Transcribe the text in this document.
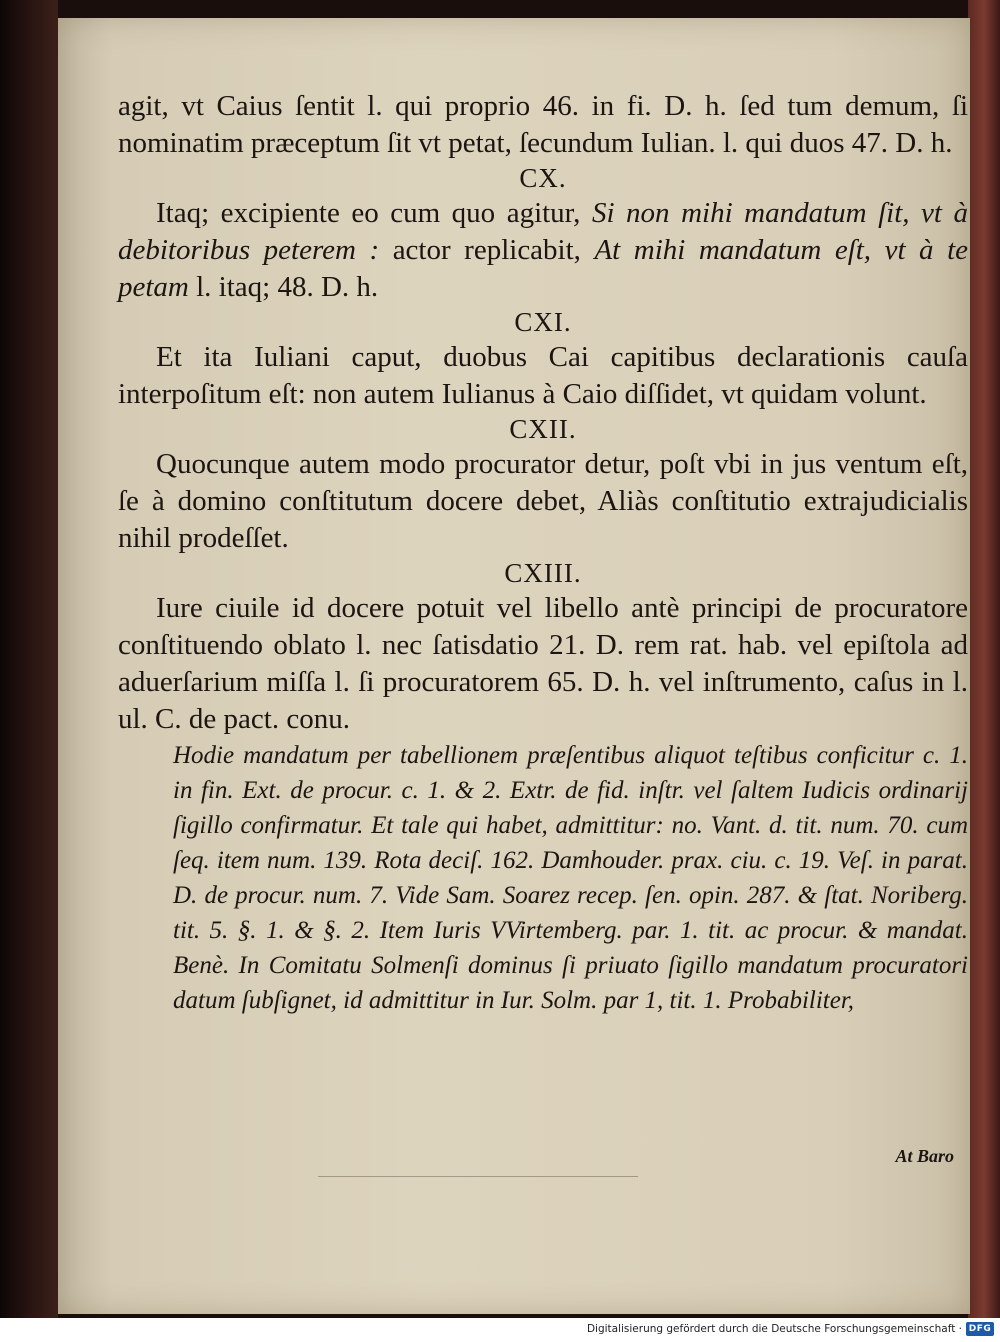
agit, vt Caius ſentit l. qui proprio 46. in fi. D. h. ſed tum demum, ſi nominatim præceptum ſit vt petat, ſecundum Iulian. l. qui duos 47. D. h.

CX.

Itaq; excipiente eo cum quo agitur, Si non mihi mandatum ſit, vt à debitoribus peterem : actor replicabit, At mihi mandatum eſt, vt à te petam l. itaq; 48. D. h.

CXI.

Et ita Iuliani caput, duobus Cai capitibus declarationis cauſa interpoſitum eſt: non autem Iulianus à Caio diſſidet, vt quidam volunt.

CXII.

Quocunque autem modo procurator detur, poſt vbi in jus ventum eſt, ſe à domino conſtitutum docere debet, Aliàs conſtitutio extrajudicialis nihil prodeſſet.

CXIII.

Iure ciuile id docere potuit vel libello antè principi de procuratore conſtituendo oblato l. nec ſatisdatio 21. D. rem rat. hab. vel epiſtola ad aduerſarium miſſa l. ſi procuratorem 65. D. h. vel inſtrumento, caſus in l. ul. C. de pact. conu.

Hodie mandatum per tabellionem præſentibus aliquot teſtibus conficitur c. 1. in fin. Ext. de procur. c. 1. & 2. Extr. de fid. inſtr. vel ſaltem Iudicis ordinarij ſigillo confirmatur. Et tale qui habet, admittitur: no. Vant. d. tit. num. 70. cum ſeq. item num. 139. Rota deciſ. 162. Damhouder. prax. ciu. c. 19. Veſ. in parat. D. de procur. num. 7. Vide Sam. Soarez recep. ſen. opin. 287. & ſtat. Noriberg. tit. 5. §. 1. & §. 2. Item Iuris VVirtemberg. par. 1. tit. ac procur. & mandat. Benè. In Comitatu Solmenſi dominus ſi priuato ſigillo mandatum procuratori datum ſubſignet, id admittitur in Iur. Solm. par 1, tit. 1. Probabiliter,

At Baro
Digitalisierung gefördert durch die Deutsche Forschungsgemeinschaft · DFG
